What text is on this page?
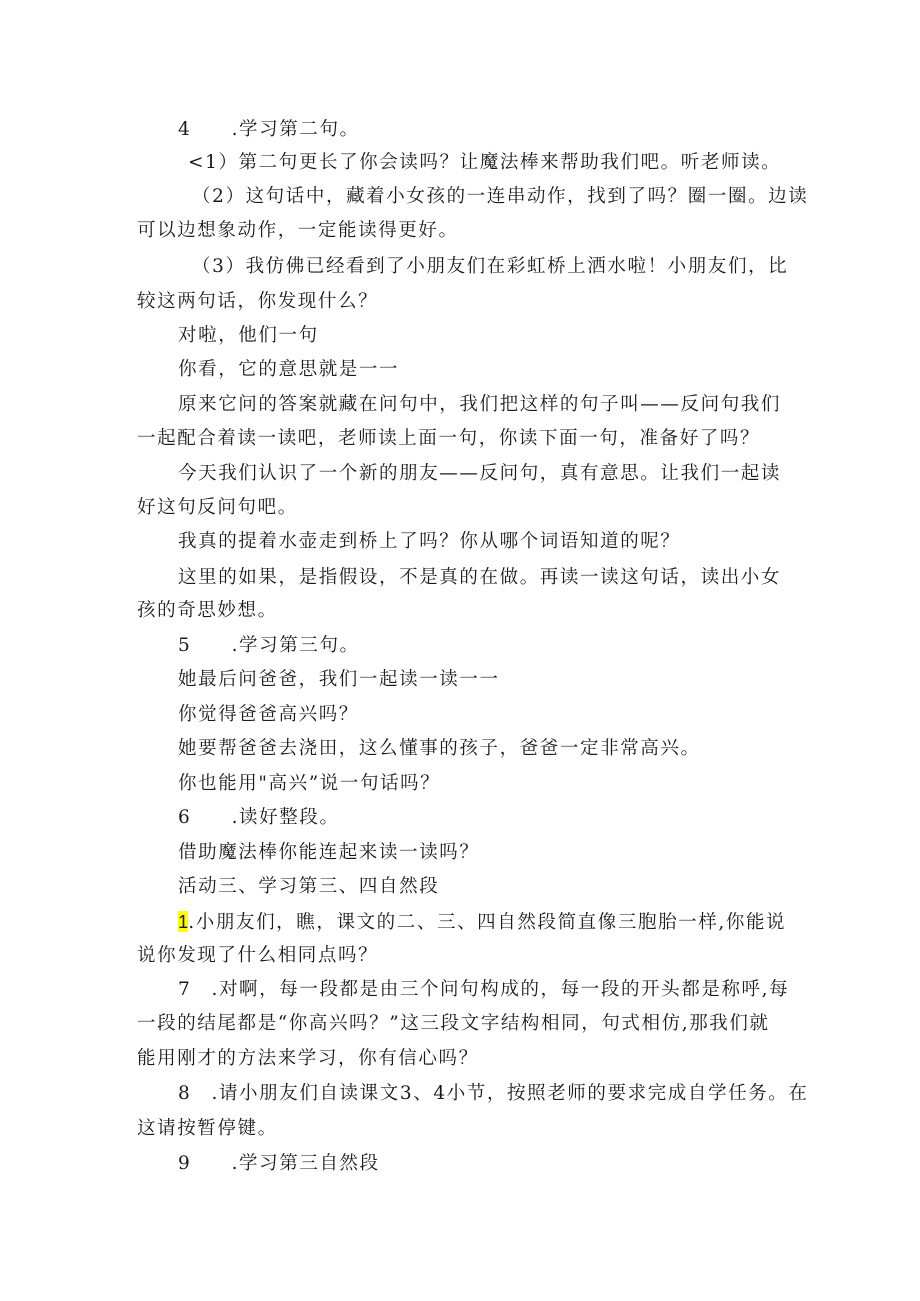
4　　.学习第二句。
<1）第二句更长了你会读吗？让魔法棒来帮助我们吧。听老师读。
（2）这句话中，藏着小女孩的一连串动作，找到了吗？圈一圈。边读
可以边想象动作，一定能读得更好。
（3）我仿佛已经看到了小朋友们在彩虹桥上洒水啦！小朋友们，比
较这两句话，你发现什么？
对啦，他们一句
你看，它的意思就是一一
原来它问的答案就藏在问句中，我们把这样的句子叫——反问句我们
一起配合着读一读吧，老师读上面一句，你读下面一句，准备好了吗？
今天我们认识了一个新的朋友——反问句，真有意思。让我们一起读
好这句反问句吧。
我真的提着水壶走到桥上了吗？你从哪个词语知道的呢？
这里的如果，是指假设，不是真的在做。再读一读这句话，读出小女
孩的奇思妙想。
5　　.学习第三句。
她最后问爸爸，我们一起读一读一一
你觉得爸爸高兴吗？
她要帮爸爸去浇田，这么懂事的孩子，爸爸一定非常高兴。
你也能用"高兴”说一句话吗？
6　　.读好整段。
借助魔法棒你能连起来读一读吗？
活动三、学习第三、四自然段
1.小朋友们，瞧，课文的二、三、四自然段简直像三胞胎一样,你能说
说你发现了什么相同点吗？
7　.对啊，每一段都是由三个问句构成的，每一段的开头都是称呼,每
一段的结尾都是“你高兴吗？”这三段文字结构相同，句式相仿,那我们就
能用刚才的方法来学习，你有信心吗？
8　.请小朋友们自读课文3、4小节，按照老师的要求完成自学任务。在
这请按暂停键。
9　　.学习第三自然段
